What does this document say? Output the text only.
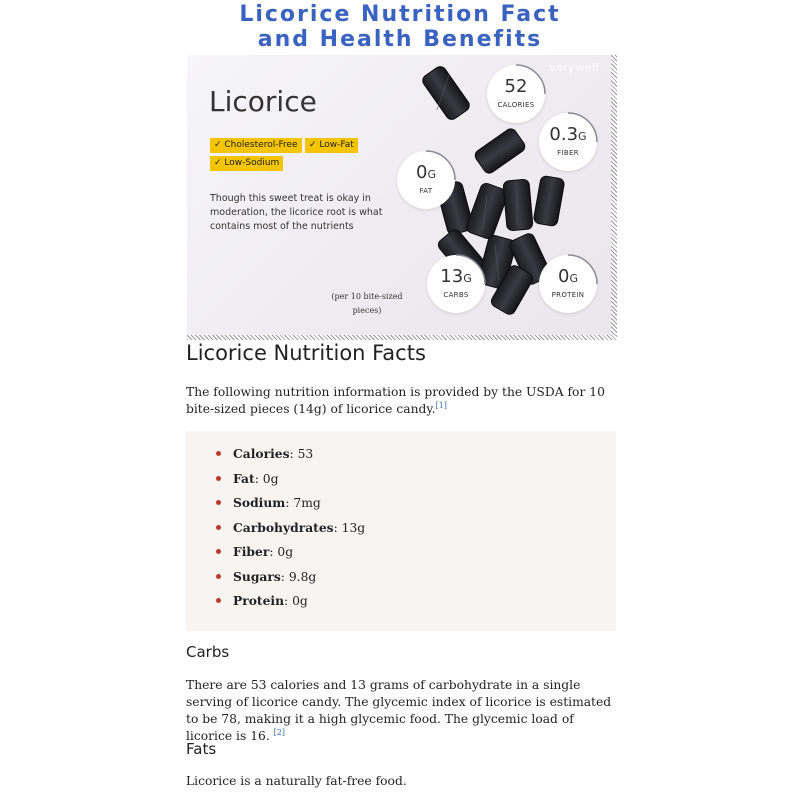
Licorice Nutrition Fact
and Health Benefits
verywell
Licorice
✓ Cholesterol-Free	✓ Low-Fat
✓ Low-Sodium
Though this sweet treat is okay in moderation, the licorice root is what contains most of the nutrients
(per 10 bite-sized pieces)
52
CALORIES
0.3G
FIBER
0G
FAT
13G
CARBS
0G
PROTEIN
Licorice Nutrition Facts
The following nutrition information is provided by the USDA for 10 bite-sized pieces (14g) of licorice candy.[1]
Calories: 53
Fat: 0g
Sodium: 7mg
Carbohydrates: 13g
Fiber: 0g
Sugars: 9.8g
Protein: 0g
Carbs
There are 53 calories and 13 grams of carbohydrate in a single serving of licorice candy. The glycemic index of licorice is estimated to be 78, making it a high glycemic food. The glycemic load of licorice is 16. [2]
Fats
Licorice is a naturally fat-free food.
